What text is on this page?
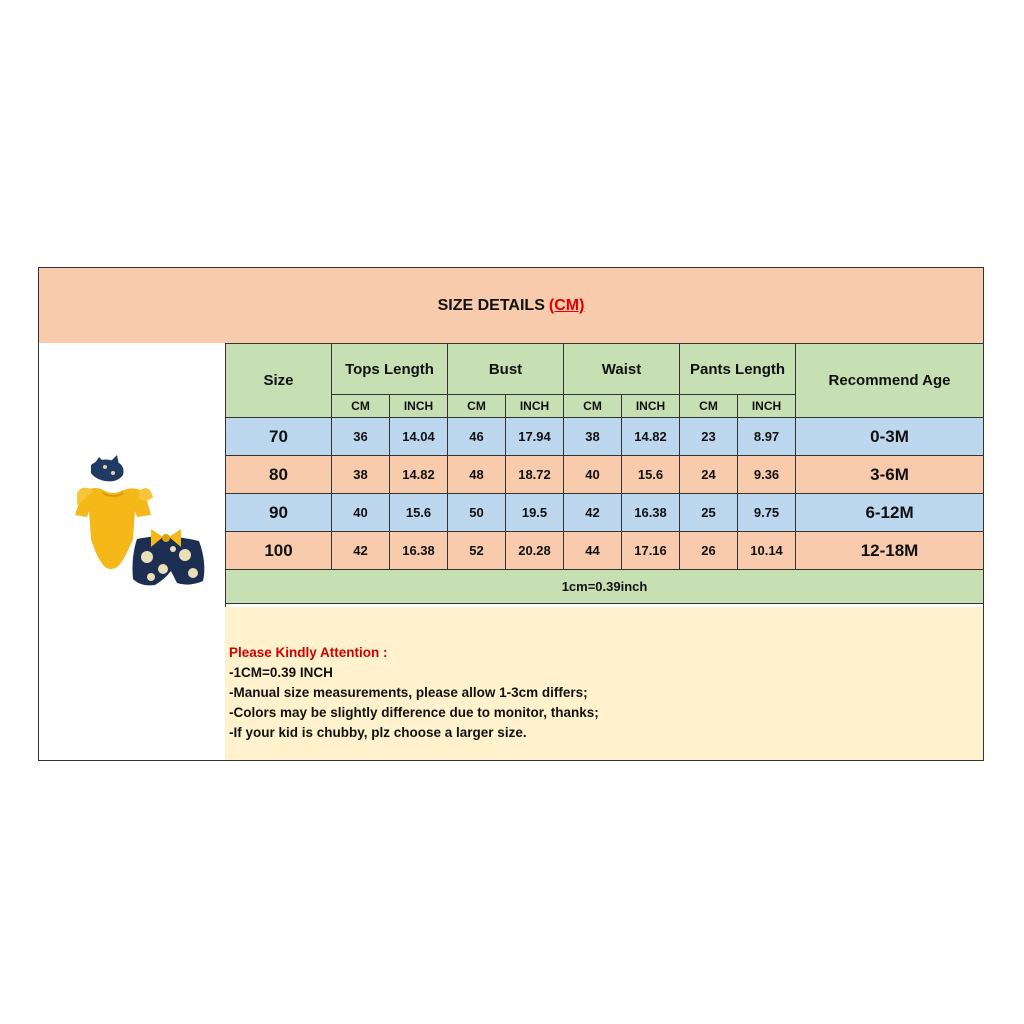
SIZE DETAILS (CM)
Size	Tops Length		Bust		Waist		Pants Length		Recommend Age
	CM	INCH	CM	INCH	CM	INCH	CM	INCH	
70	36	14.04	46	17.94	38	14.82	23	8.97	0-3M
80	38	14.82	48	18.72	40	15.6	24	9.36	3-6M
90	40	15.6	50	19.5	42	16.38	25	9.75	6-12M
100	42	16.38	52	20.28	44	17.16	26	10.14	12-18M
1cm=0.39inch									
Please Kindly Attention :
-1CM=0.39 INCH
-Manual size measurements, please allow 1-3cm differs;
-Colors may be slightly difference due to monitor, thanks;
-If your kid is chubby, plz choose a larger size.
